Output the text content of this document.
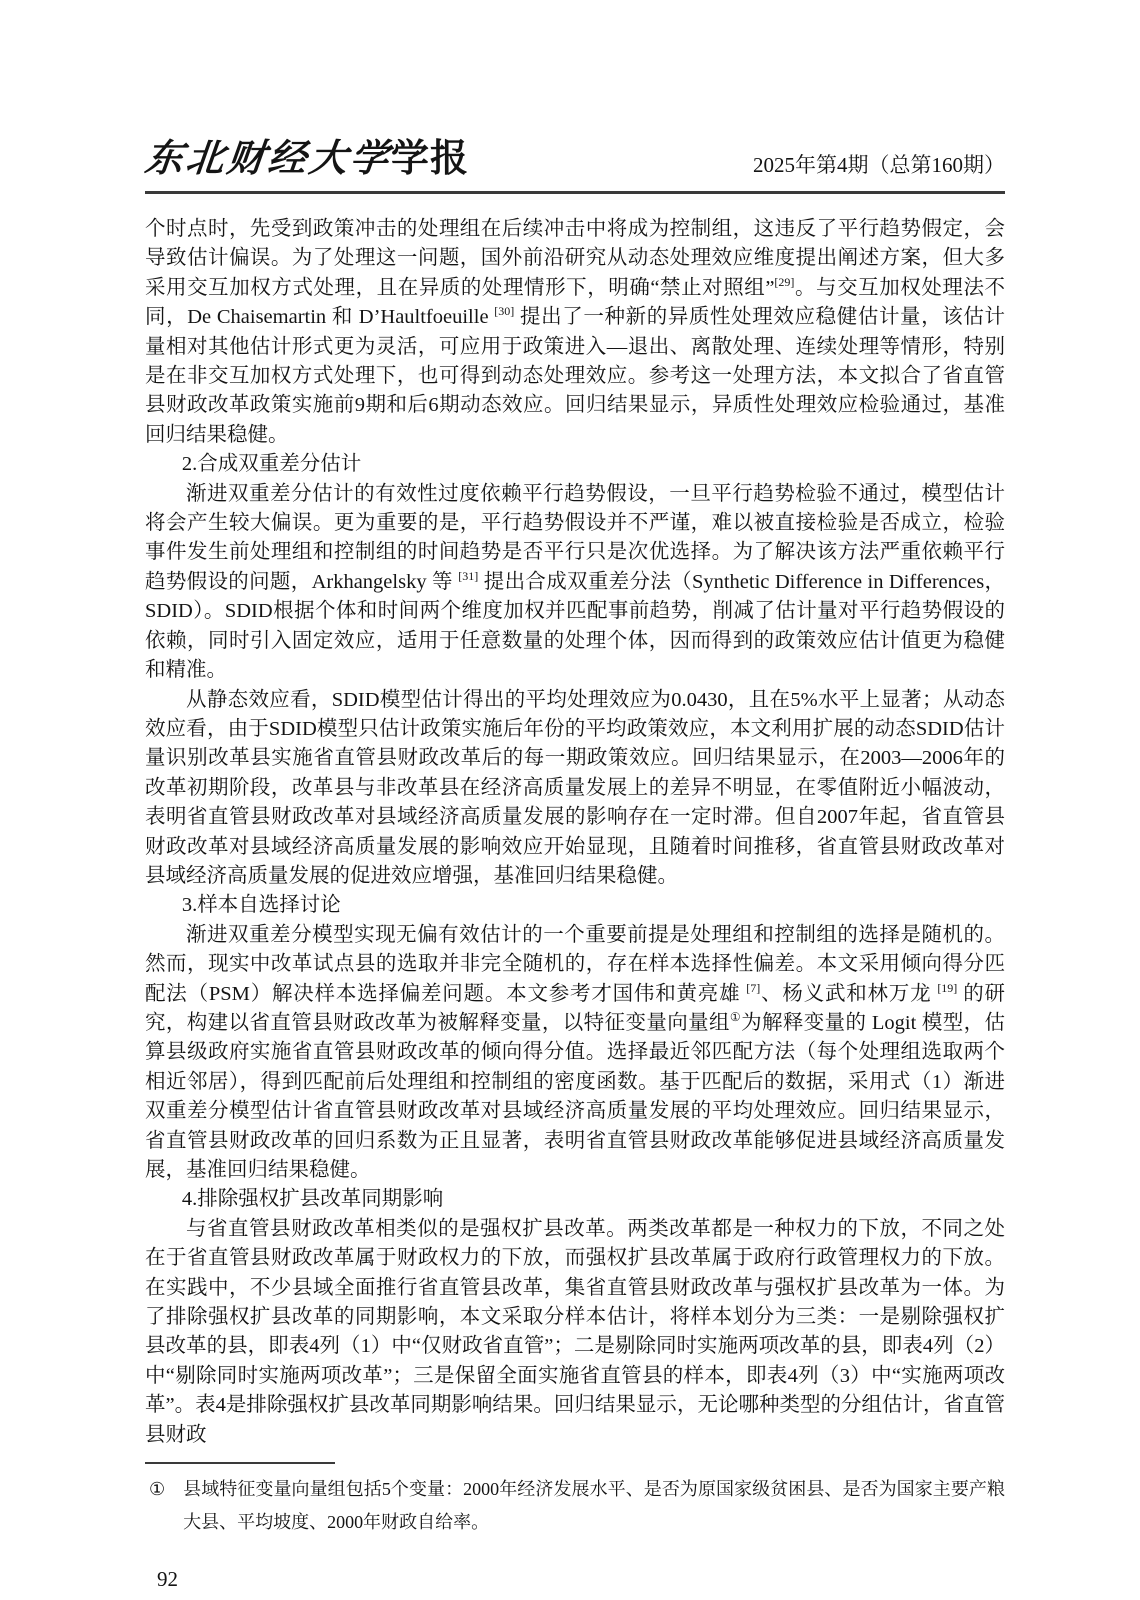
东北财经大学学报	2025年第4期（总第160期）

个时点时，先受到政策冲击的处理组在后续冲击中将成为控制组，这违反了平行趋势假定，会导致估计偏误。为了处理这一问题，国外前沿研究从动态处理效应维度提出阐述方案，但大多采用交互加权方式处理，且在异质的处理情形下，明确“禁止对照组”[29]。与交互加权处理法不同，De Chaisemartin 和 D’Haultfoeuille [30] 提出了一种新的异质性处理效应稳健估计量，该估计量相对其他估计形式更为灵活，可应用于政策进入—退出、离散处理、连续处理等情形，特别是在非交互加权方式处理下，也可得到动态处理效应。参考这一处理方法，本文拟合了省直管县财政改革政策实施前9期和后6期动态效应。回归结果显示，异质性处理效应检验通过，基准回归结果稳健。

2.合成双重差分估计

渐进双重差分估计的有效性过度依赖平行趋势假设，一旦平行趋势检验不通过，模型估计将会产生较大偏误。更为重要的是，平行趋势假设并不严谨，难以被直接检验是否成立，检验事件发生前处理组和控制组的时间趋势是否平行只是次优选择。为了解决该方法严重依赖平行趋势假设的问题，Arkhangelsky 等 [31] 提出合成双重差分法（Synthetic Difference in Differences，SDID）。SDID根据个体和时间两个维度加权并匹配事前趋势，削减了估计量对平行趋势假设的依赖，同时引入固定效应，适用于任意数量的处理个体，因而得到的政策效应估计值更为稳健和精准。

从静态效应看，SDID模型估计得出的平均处理效应为0.0430，且在5%水平上显著；从动态效应看，由于SDID模型只估计政策实施后年份的平均政策效应，本文利用扩展的动态SDID估计量识别改革县实施省直管县财政改革后的每一期政策效应。回归结果显示，在2003—2006年的改革初期阶段，改革县与非改革县在经济高质量发展上的差异不明显，在零值附近小幅波动，表明省直管县财政改革对县域经济高质量发展的影响存在一定时滞。但自2007年起，省直管县财政改革对县域经济高质量发展的影响效应开始显现，且随着时间推移，省直管县财政改革对县域经济高质量发展的促进效应增强，基准回归结果稳健。

3.样本自选择讨论

渐进双重差分模型实现无偏有效估计的一个重要前提是处理组和控制组的选择是随机的。然而，现实中改革试点县的选取并非完全随机的，存在样本选择性偏差。本文采用倾向得分匹配法（PSM）解决样本选择偏差问题。本文参考才国伟和黄亮雄 [7]、杨义武和林万龙 [19] 的研究，构建以省直管县财政改革为被解释变量，以特征变量向量组①为解释变量的 Logit 模型，估算县级政府实施省直管县财政改革的倾向得分值。选择最近邻匹配方法（每个处理组选取两个相近邻居），得到匹配前后处理组和控制组的密度函数。基于匹配后的数据，采用式（1）渐进双重差分模型估计省直管县财政改革对县域经济高质量发展的平均处理效应。回归结果显示，省直管县财政改革的回归系数为正且显著，表明省直管县财政改革能够促进县域经济高质量发展，基准回归结果稳健。

4.排除强权扩县改革同期影响

与省直管县财政改革相类似的是强权扩县改革。两类改革都是一种权力的下放，不同之处在于省直管县财政改革属于财政权力的下放，而强权扩县改革属于政府行政管理权力的下放。在实践中，不少县域全面推行省直管县改革，集省直管县财政改革与强权扩县改革为一体。为了排除强权扩县改革的同期影响，本文采取分样本估计，将样本划分为三类：一是剔除强权扩县改革的县，即表4列（1）中“仅财政省直管”；二是剔除同时实施两项改革的县，即表4列（2）中“剔除同时实施两项改革”；三是保留全面实施省直管县的样本，即表4列（3）中“实施两项改革”。表4是排除强权扩县改革同期影响结果。回归结果显示，无论哪种类型的分组估计，省直管县财政

① 县域特征变量向量组包括5个变量：2000年经济发展水平、是否为原国家级贫困县、是否为国家主要产粮大县、平均坡度、2000年财政自给率。
92
